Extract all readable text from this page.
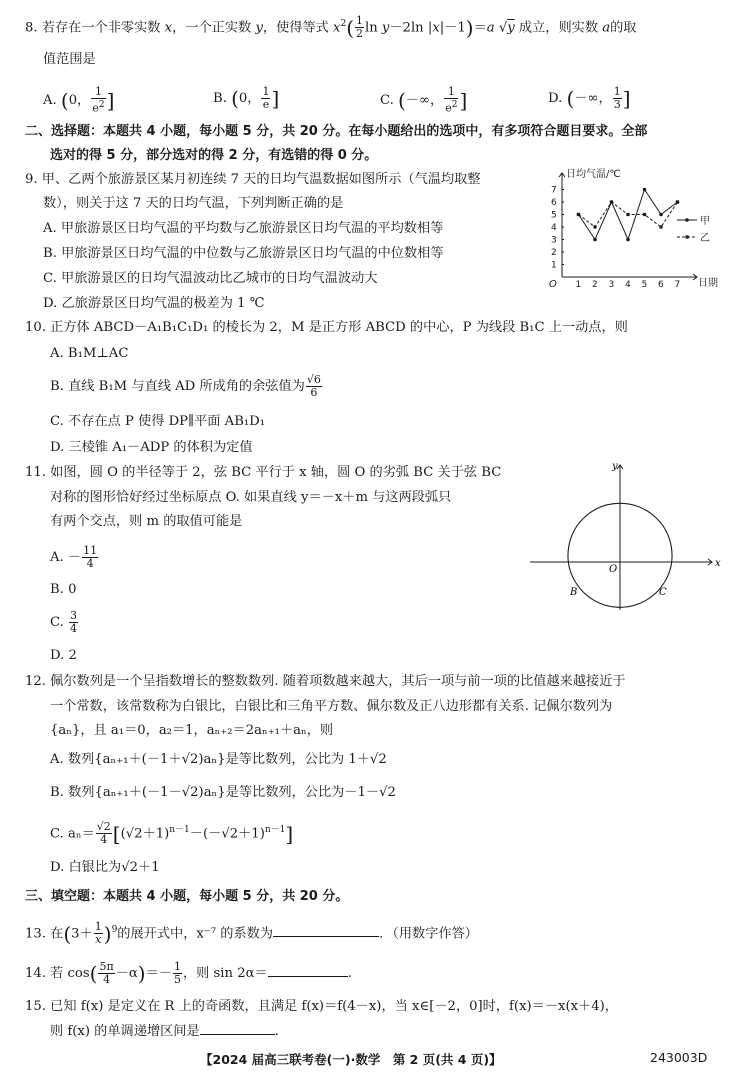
8. 若存在一个非零实数 x，一个正实数 y，使得等式 $x^2( \frac{1}{2}$ ln y－2ln |x|－1)＝a √y 成立，则实数 a的取
值范围是
A. (0， $\frac{1}{e^2}$ ]	B. (0， $\frac{1}{e}$ ]	C. (－∞， $\frac{1}{e^2}$ ]	D. (－∞， $\frac{1}{3}$ ]
二、选择题：本题共 4 小题，每小题 5 分，共 20 分。在每小题给出的选项中，有多项符合题目要求。全部
选对的得 5 分，部分选对的得 2 分，有选错的得 0 分。
9. 甲、乙两个旅游景区某月初连续 7 天的日均气温数据如图所示（气温均取整
数），则关于这 7 天的日均气温，下列判断正确的是
A. 甲旅游景区日均气温的平均数与乙旅游景区日均气温的平均数相等
B. 甲旅游景区日均气温的中位数与乙旅游景区日均气温的中位数相等
C. 甲旅游景区的日均气温波动比乙城市的日均气温波动大
D. 乙旅游景区日均气温的极差为 1 ℃
日均气温/℃
日期
O
1
2
3
4
5
6
7
1 2 3 4 5 6 7
甲
乙
10. 正方体 ABCD－A₁B₁C₁D₁ 的棱长为 2，M 是正方形 ABCD 的中心，P 为线段 B₁C 上一动点，则
A. B₁M⊥AC
B. 直线 B₁M 与直线 AD 所成角的余弦值为 $\frac{√6}{6}$
C. 不存在点 P 使得 DP∥平面 AB₁D₁
D. 三棱锥 A₁－ADP 的体积为定值
11. 如图，圆 O 的半径等于 2，弦 BC 平行于 x 轴，圆 O 的劣弧 BC 关于弦 BC
对称的图形恰好经过坐标原点 O. 如果直线 y＝－x＋m 与这两段弧只
有两个交点，则 m 的取值可能是
A. － $\frac{11}{4}$
B. 0
C. $\frac{3}{4}$
D. 2
x
y
O
B	C
12. 佩尔数列是一个呈指数增长的整数数列. 随着项数越来越大，其后一项与前一项的比值越来越接近于
一个常数，该常数称为白银比，白银比和三角平方数、佩尔数及正八边形都有关系. 记佩尔数列为
{aₙ}，且 a₁＝0，a₂＝1，aₙ₊₂＝2aₙ₊₁＋aₙ，则
A. 数列{aₙ₊₁＋(－1＋√2)aₙ}是等比数列，公比为 1＋√2
B. 数列{aₙ₊₁＋(－1－√2)aₙ}是等比数列，公比为－1－√2
C. $a_n= \frac{√2}{4} [(√2+1)^{n-1}-(-√2+1)^{n-1}]$
D. 白银比为√2＋1
三、填空题：本题共 4 小题，每小题 5 分，共 20 分。
13. 在$(3+ \frac{1}{x} )^9$的展开式中，x⁻⁷ 的系数为	．（用数字作答）
14. 若 $\cos( \frac{5\pi}{4} -\alpha)=- \frac{1}{5}$ ，则 sin 2α＝	.
15. 已知 f(x) 是定义在 R 上的奇函数，且满足 f(x)＝f(4－x)，当 x∈[－2，0]时，f(x)＝－x(x＋4)，
则 f(x) 的单调递增区间是	.
【2024 届高三联考卷(一)·数学　第 2 页(共 4 页)】	243003D
